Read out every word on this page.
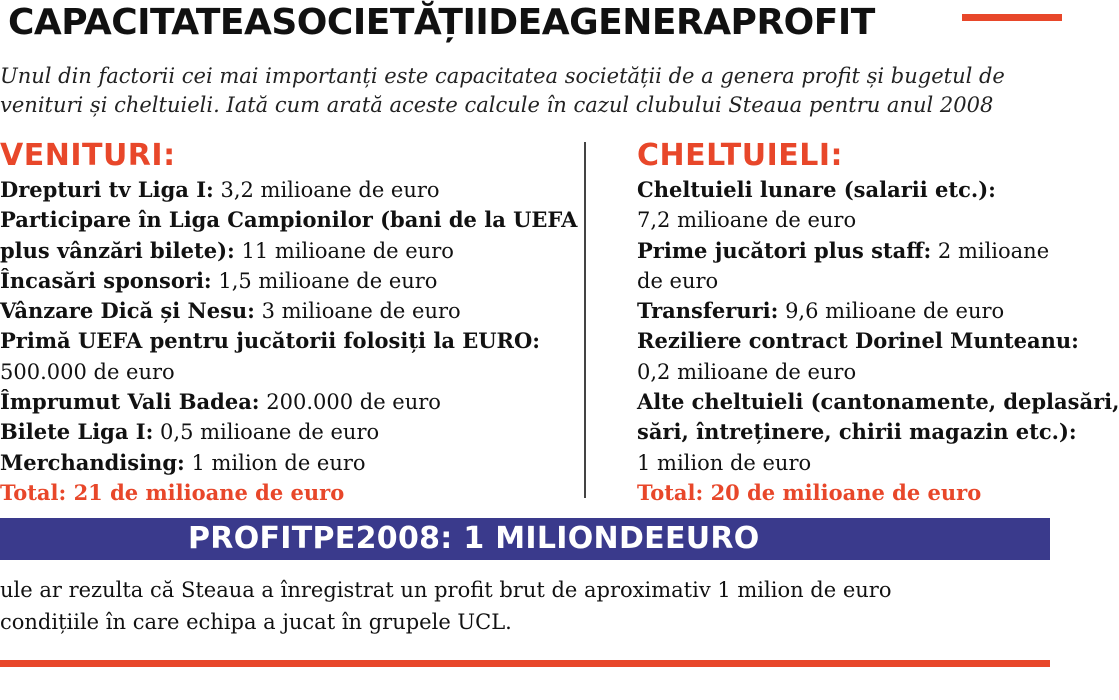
CAPACITATEASOCIETĂȚIIDEAGENERAPROFIT
Unul din factorii cei mai importanți este capacitatea societății de a genera profit și bugetul de
venituri și cheltuieli. Iată cum arată aceste calcule în cazul clubului Steaua pentru anul 2008
VENITURI:
Drepturi tv Liga I: 3,2 milioane de euro
Participare în Liga Campionilor (bani de la UEFA
plus vânzări bilete): 11 milioane de euro
Încasări sponsori: 1,5 milioane de euro
Vânzare Dică și Nesu: 3 milioane de euro
Primă UEFA pentru jucătorii folosiți la EURO:
500.000 de euro
Împrumut Vali Badea: 200.000 de euro
Bilete Liga I: 0,5 milioane de euro
Merchandising: 1 milion de euro
Total: 21 de milioane de euro
CHELTUIELI:
Cheltuieli lunare (salarii etc.):
7,2 milioane de euro
Prime jucători plus staff: 2 milioane
de euro
Transferuri: 9,6 milioane de euro
Reziliere contract Dorinel Munteanu:
0,2 milioane de euro
Alte cheltuieli (cantonamente, deplasări,
sări, întreținere, chirii magazin etc.):
1 milion de euro
Total: 20 de milioane de euro
PROFITPE2008: 1 MILIONDEEURO
ule ar rezulta că Steaua a înregistrat un profit brut de aproximativ 1 milion de euro
condițiile în care echipa a jucat în grupele UCL.
